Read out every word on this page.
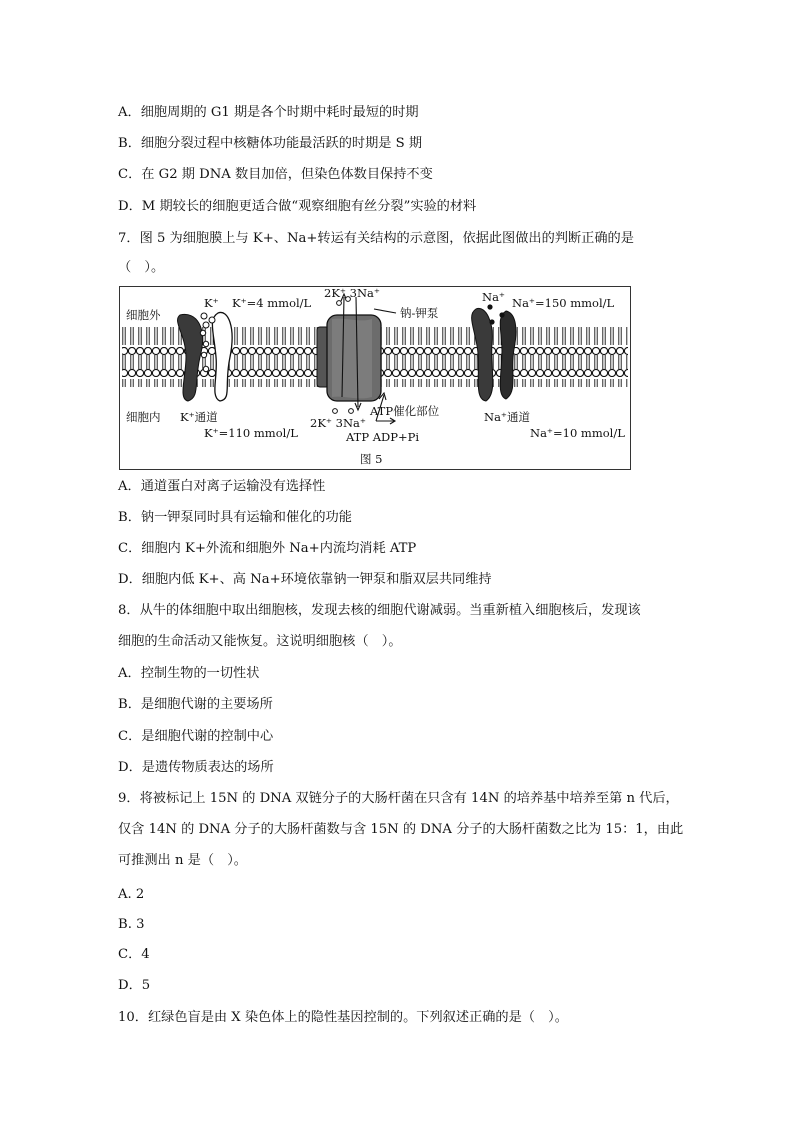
A．细胞周期的 G1 期是各个时期中耗时最短的时期
B．细胞分裂过程中核糖体功能最活跃的时期是 S 期
C．在 G2 期 DNA 数目加倍，但染色体数目保持不变
D．M 期较长的细胞更适合做“观察细胞有丝分裂”实验的材料
7．图 5 为细胞膜上与 K+、Na+转运有关结构的示意图，依据此图做出的判断正确的是
（　）。
细胞外
细胞内
K⁺ K⁺=4 mmol/L
K⁺通道
K⁺=110 mmol/L
2K⁺ 3Na⁺
钠-钾泵
2K⁺ 3Na⁺
ATP催化部位
ATP ADP+Pi
Na⁺ Na⁺=150 mmol/L
Na⁺通道
Na⁺=10 mmol/L
图 5
A．通道蛋白对离子运输没有选择性
B．钠一钾泵同时具有运输和催化的功能
C．细胞内 K+外流和细胞外 Na+内流均消耗 ATP
D．细胞内低 K+、高 Na+环境依靠钠一钾泵和脂双层共同维持
8．从牛的体细胞中取出细胞核，发现去核的细胞代谢减弱。当重新植入细胞核后，发现该
细胞的生命活动又能恢复。这说明细胞核（　）。
A．控制生物的一切性状
B．是细胞代谢的主要场所
C．是细胞代谢的控制中心
D．是遗传物质表达的场所
9．将被标记上 15N 的 DNA 双链分子的大肠杆菌在只含有 14N 的培养基中培养至第 n 代后，
仅含 14N 的 DNA 分子的大肠杆菌数与含 15N 的 DNA 分子的大肠杆菌数之比为 15：1，由此
可推测出 n 是（　）。
A. 2
B. 3
C．4
D．5
10．红绿色盲是由 X 染色体上的隐性基因控制的。下列叙述正确的是（　）。
